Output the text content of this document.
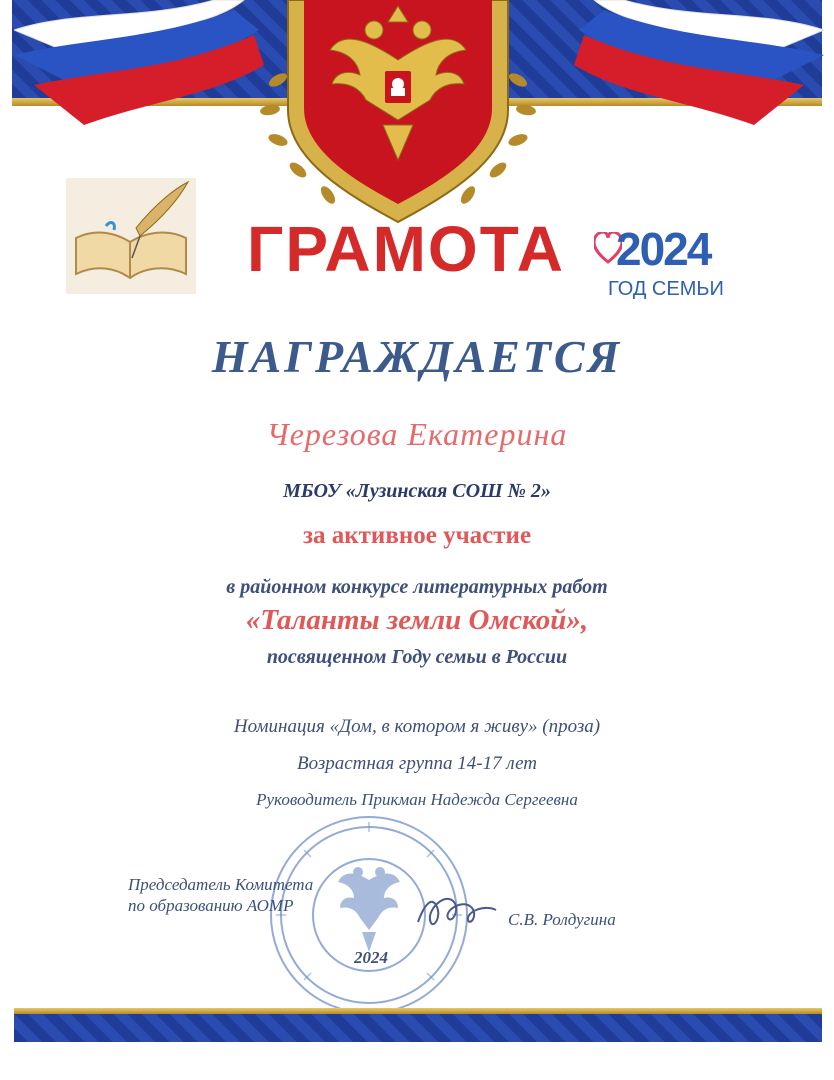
ГРАМОТА 2024
ГОД СЕМЬИ
НАГРАЖДАЕТСЯ
Черезова Екатерина
МБОУ «Лузинская СОШ № 2»
за активное участие
в районном конкурсе литературных работ
«Таланты земли Омской»,
посвященном Году семьи в России
Номинация «Дом, в котором я живу» (проза)
Возрастная группа 14-17 лет
Руководитель Прикман Надежда Сергеевна
Председатель Комитета
по образованию АОМР
С.В. Ролдугина
2024
